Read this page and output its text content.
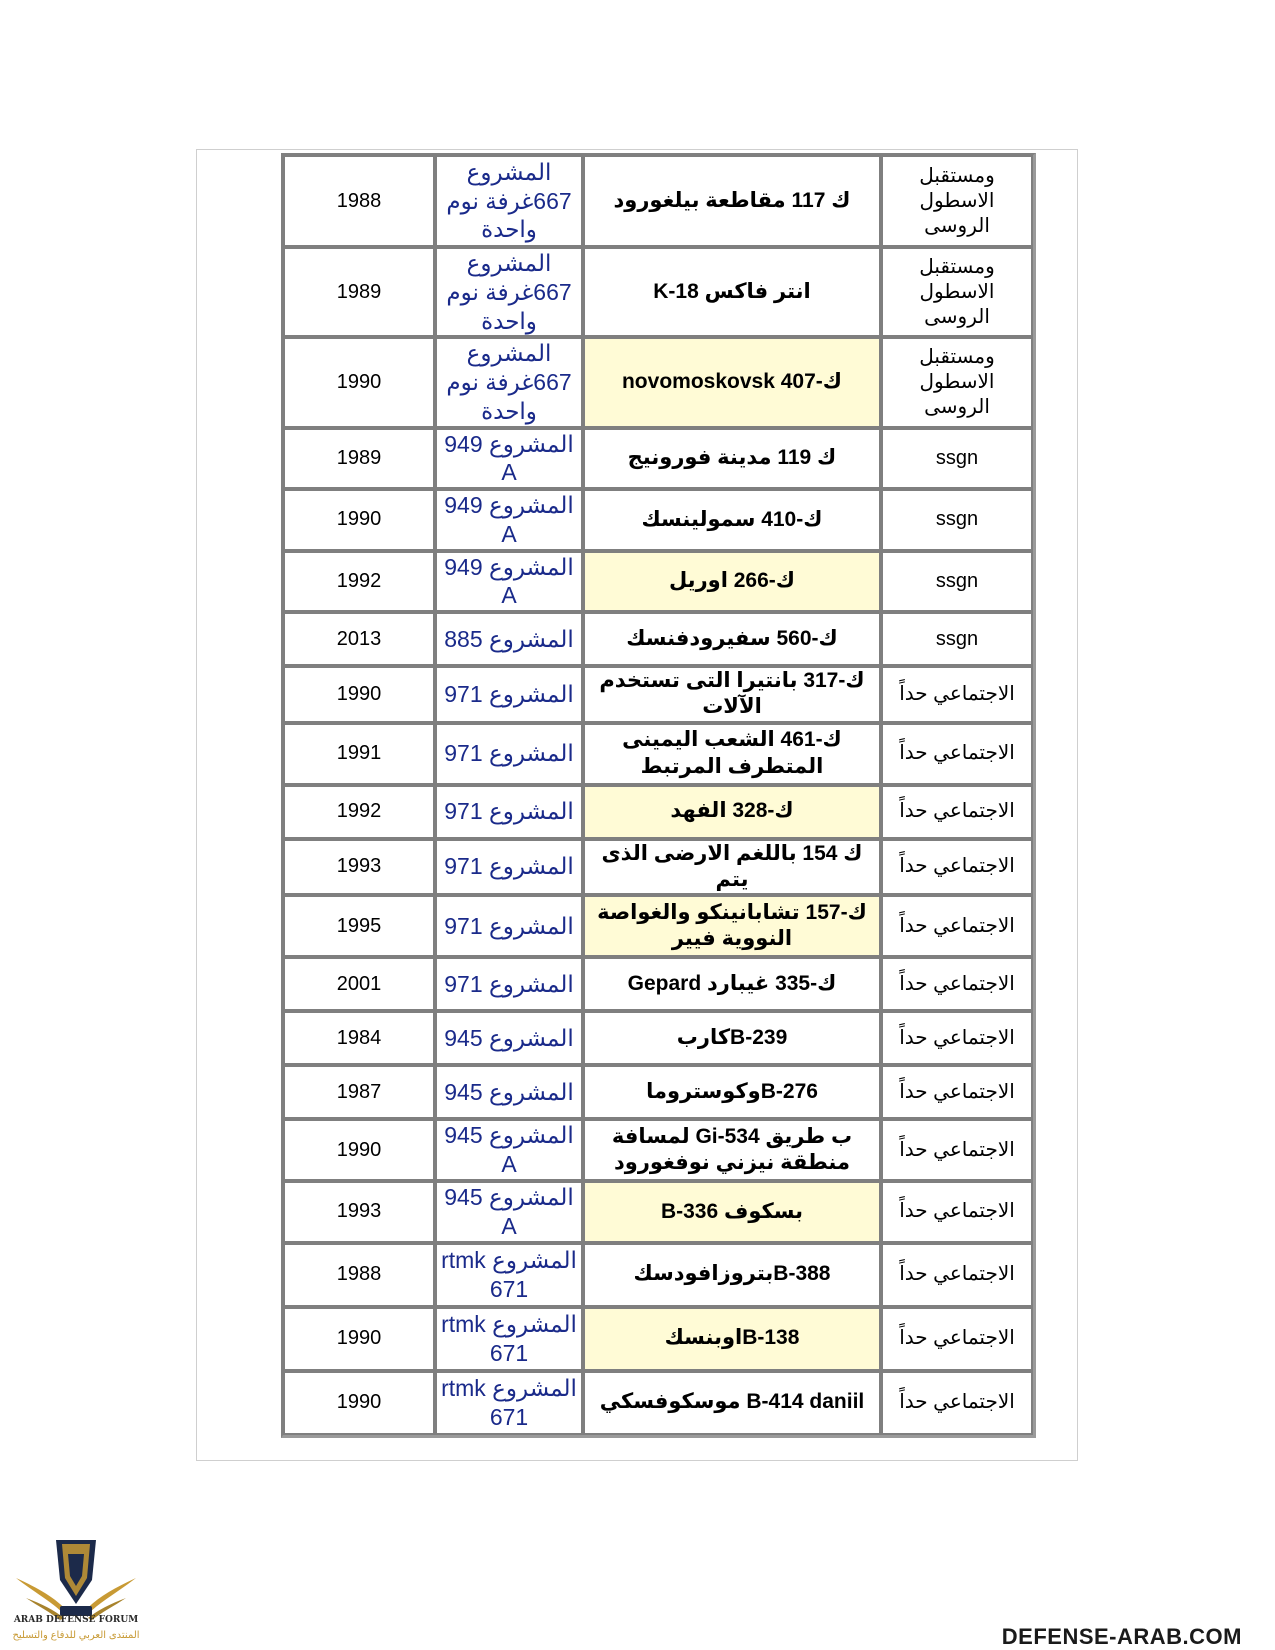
1988	المشروع 667غرفة نوم واحدة	ك 117 مقاطعة بيلغورود	ومستقبل الاسطول الروسى
1989	المشروع 667غرفة نوم واحدة	انتر فاكس K-18	ومستقبل الاسطول الروسى
1990	المشروع 667غرفة نوم واحدة	ك-407 novomoskovsk	ومستقبل الاسطول الروسى
1989	المشروع 949 A	ك 119 مدينة فورونيج	ssgn
1990	المشروع 949 A	ك-410 سمولينسك	ssgn
1992	المشروع 949 A	ك-266 اوريل	ssgn
2013	المشروع 885	ك-560 سفيرودفنسك	ssgn
1990	المشروع 971	ك-317 بانتيرا التى تستخدم الآلات	الاجتماعي حداً
1991	المشروع 971	ك-461 الشعب اليمينى المتطرف المرتبط	الاجتماعي حداً
1992	المشروع 971	ك-328 الفهد	الاجتماعي حداً
1993	المشروع 971	ك 154 باللغم الارضى الذى يتم	الاجتماعي حداً
1995	المشروع 971	ك-157 تشابانينكو والغواصة النووية فيير	الاجتماعي حداً
2001	المشروع 971	ك-335 غيبارد Gepard	الاجتماعي حداً
1984	المشروع 945	B-239كارب	الاجتماعي حداً
1987	المشروع 945	B-276وكوستروما	الاجتماعي حداً
1990	المشروع 945 A	ب طريق Gi-534 لمسافة منطقة نيزني نوفغورود	الاجتماعي حداً
1993	المشروع 945 A	بسكوف B-336	الاجتماعي حداً
1988	المشروع rtmk 671	B-388بتروزافودسك	الاجتماعي حداً
1990	المشروع rtmk 671	B-138اوبنسك	الاجتماعي حداً
1990	المشروع rtmk 671	B-414 daniil موسكوفسكي	الاجتماعي حداً
ARAB DEFENSE FORUM
المنتدى العربي للدفاع والتسليح	DEFENSE-ARAB.COM
